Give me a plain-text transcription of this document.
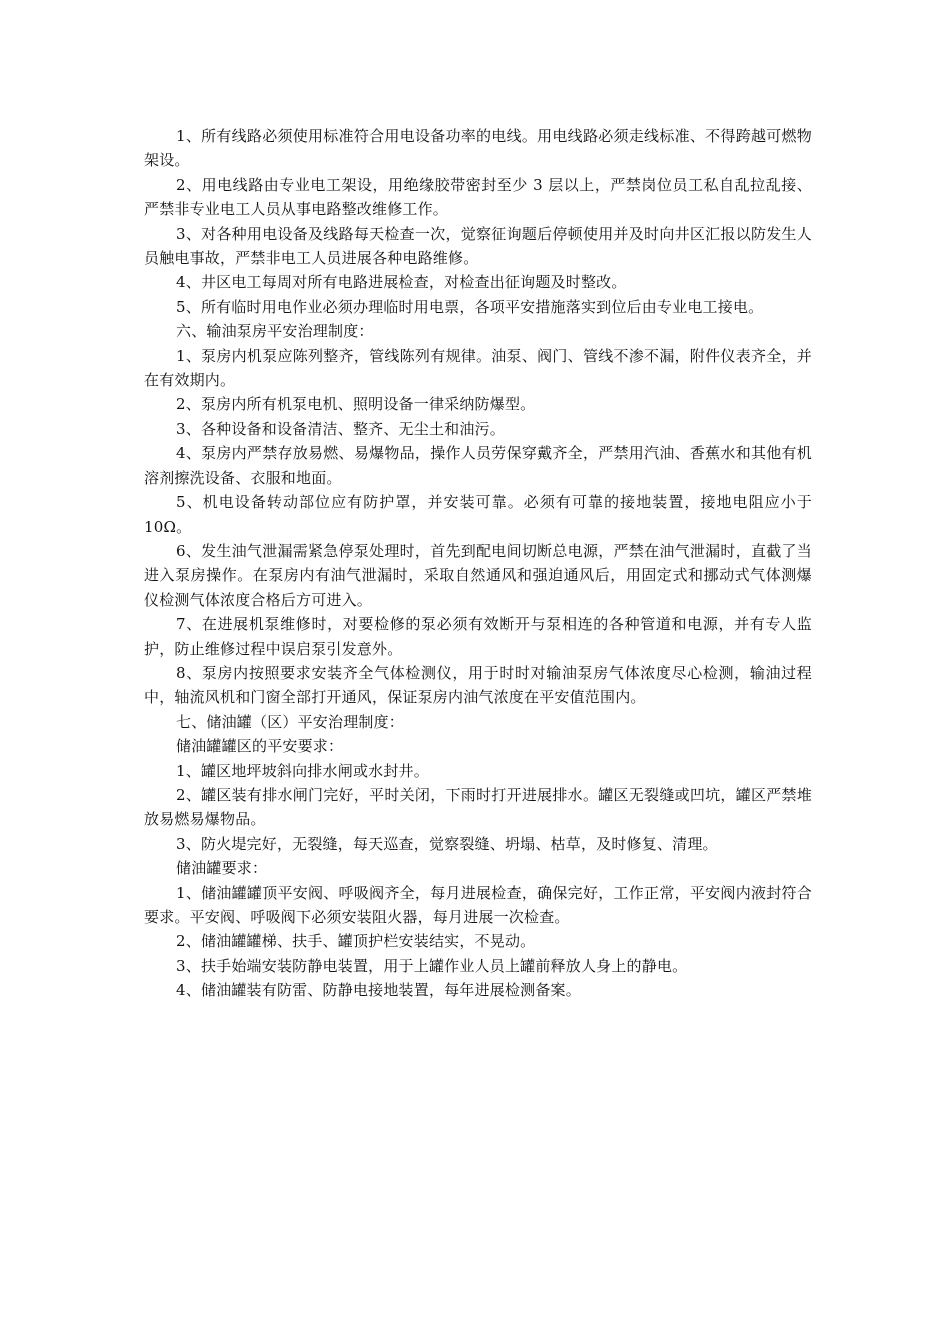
1、所有线路必须使用标准符合用电设备功率的电线。用电线路必须走线标准、不得跨越可燃物架设。

2、用电线路由专业电工架设，用绝缘胶带密封至少 3 层以上，严禁岗位员工私自乱拉乱接、严禁非专业电工人员从事电路整改维修工作。

3、对各种用电设备及线路每天检查一次，觉察征询题后停顿使用并及时向井区汇报以防发生人员触电事故，严禁非电工人员进展各种电路维修。

4、井区电工每周对所有电路进展检查，对检查出征询题及时整改。

5、所有临时用电作业必须办理临时用电票，各项平安措施落实到位后由专业电工接电。

六、输油泵房平安治理制度：

1、泵房内机泵应陈列整齐，管线陈列有规律。油泵、阀门、管线不渗不漏，附件仪表齐全，并在有效期内。

2、泵房内所有机泵电机、照明设备一律采纳防爆型。

3、各种设备和设备清洁、整齐、无尘土和油污。

4、泵房内严禁存放易燃、易爆物品，操作人员劳保穿戴齐全，严禁用汽油、香蕉水和其他有机溶剂擦洗设备、衣服和地面。

5、机电设备转动部位应有防护罩，并安装可靠。必须有可靠的接地装置，接地电阻应小于 10Ω。

6、发生油气泄漏需紧急停泵处理时，首先到配电间切断总电源，严禁在油气泄漏时，直截了当进入泵房操作。在泵房内有油气泄漏时，采取自然通风和强迫通风后，用固定式和挪动式气体测爆仪检测气体浓度合格后方可进入。

7、在进展机泵维修时，对要检修的泵必须有效断开与泵相连的各种管道和电源，并有专人监护，防止维修过程中误启泵引发意外。

8、泵房内按照要求安装齐全气体检测仪，用于时时对输油泵房气体浓度尽心检测，输油过程中，轴流风机和门窗全部打开通风，保证泵房内油气浓度在平安值范围内。

七、储油罐（区）平安治理制度：

储油罐罐区的平安要求：

1、罐区地坪坡斜向排水闸或水封井。

2、罐区装有排水闸门完好，平时关闭，下雨时打开进展排水。罐区无裂缝或凹坑，罐区严禁堆放易燃易爆物品。

3、防火堤完好，无裂缝，每天巡查，觉察裂缝、坍塌、枯草，及时修复、清理。

储油罐要求：

1、储油罐罐顶平安阀、呼吸阀齐全，每月进展检查，确保完好，工作正常，平安阀内液封符合要求。平安阀、呼吸阀下必须安装阻火器，每月进展一次检查。

2、储油罐罐梯、扶手、罐顶护栏安装结实，不晃动。

3、扶手始端安装防静电装置，用于上罐作业人员上罐前释放人身上的静电。

4、储油罐装有防雷、防静电接地装置，每年进展检测备案。
